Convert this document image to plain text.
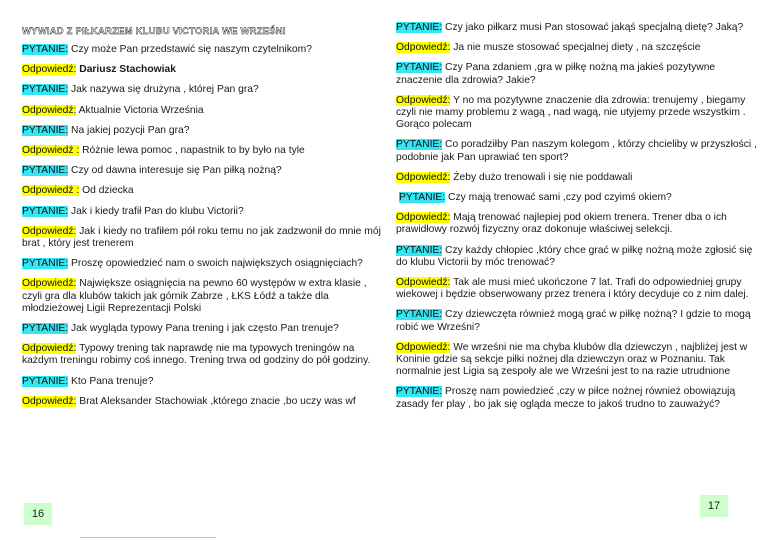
WYWIAD Z PIŁKARZEM KLUBU VICTORIA WE WRZEŚNI
PYTANIE: Czy może Pan przedstawić się naszym czytelnikom?
Odpowiedź: Dariusz Stachowiak
PYTANIE: Jak nazywa się drużyna , której Pan gra?
Odpowiedź: Aktualnie Victoria Września
PYTANIE: Na jakiej pozycji Pan gra?
Odpowiedź : Różnie lewa pomoc , napastnik to by było na tyle
PYTANIE: Czy od dawna interesuje się Pan piłką nożną?
Odpowiedź : Od dziecka
PYTANIE: Jak i kiedy trafił Pan do klubu Victorii?
Odpowiedź: Jak i kiedy no trafiłem pół roku temu no jak zadzwonił do mnie mój brat , który jest trenerem
PYTANIE: Proszę opowiedzieć nam o swoich największych osiągnięciach?
Odpowiedź: Największe osiągnięcia na pewno 60 występów w extra klasie , czyli gra dla klubów takich jak górnik Zabrze , ŁKS Łódź a także dla młodzieżowej Ligii Reprezentacji Polski
PYTANIE: Jak wygląda typowy Pana trening i jak często Pan trenuje?
Odpowiedź: Typowy trening tak naprawdę nie ma typowych treningów na każdym treningu robimy coś innego. Trening trwa od godziny do pół godziny.
PYTANIE: Kto Pana trenuje?
Odpowiedź: Brat Aleksander Stachowiak ,którego znacie ,bo uczy was wf
PYTANIE: Czy jako piłkarz musi Pan stosować jakąś specjalną dietę? Jaką?
Odpowiedź: Ja nie musze stosować specjalnej diety , na szczęście
PYTANIE: Czy Pana zdaniem ,gra w piłkę nożną ma jakieś pozytywne znaczenie dla zdrowia? Jakie?
Odpowiedź: Y no ma pozytywne znaczenie dla zdrowia: trenujemy , biegamy czyli nie mamy problemu z wagą , nad wagą, nie utyjemy przede wszystkim . Gorąco polecam
PYTANIE: Co poradziłby Pan naszym kolegom , którzy chcieliby w przyszłości , podobnie jak Pan uprawiać ten sport?
Odpowiedź: Żeby dużo trenowali i się nie poddawali
PYTANIE: Czy mają trenować sami ,czy pod czyimś okiem?
Odpowiedź: Mają trenować najlepiej pod okiem trenera. Trener dba o ich prawidłowy rozwój fizyczny oraz dokonuje właściwej selekcji.
PYTANIE: Czy każdy chłopiec ,który chce grać w piłkę nożną może zgłosić się do klubu Victorii by móc trenować?
Odpowiedź: Tak ale musi mieć ukończone 7 lat. Trafi do odpowiedniej grupy wiekowej i będzie obserwowany przez trenera i który decyduje co z nim dalej.
PYTANIE: Czy dziewczęta również mogą grać w piłkę nożną? I gdzie to mogą robić we Wrześni?
Odpowiedź: We wrześni nie ma chyba klubów dla dziewczyn , najbliżej jest w Koninie gdzie są sekcje piłki nożnej dla dziewczyn oraz w Poznaniu. Tak normalnie jest Ligia są zespoły ale we Wrześni jest to na razie utrudnione
PYTANIE: Proszę nam powiedzieć ,czy w piłce nożnej również obowiązują zasady fer play , bo jak się ogląda mecze to jakoś trudno to zauważyć?
16
17
